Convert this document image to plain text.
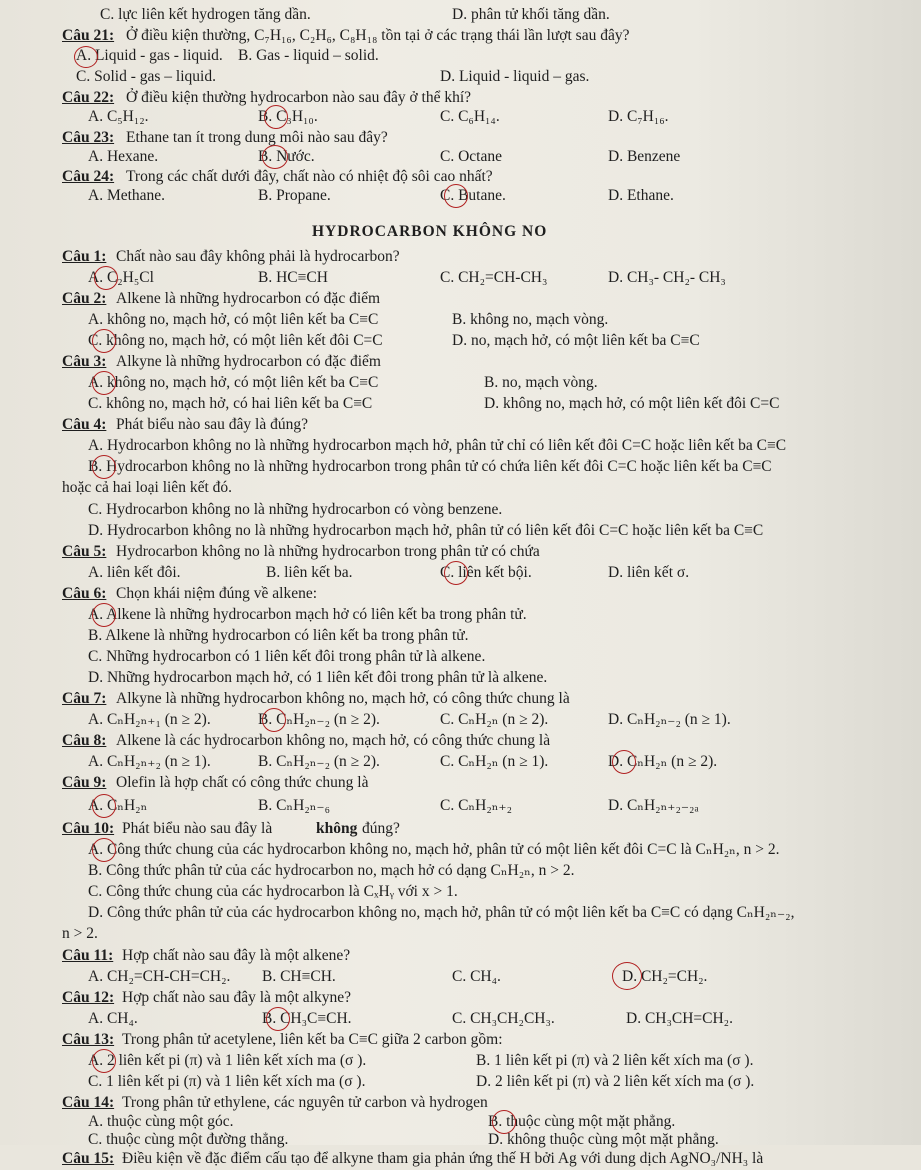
C. lực liên kết hydrogen tăng dần.	D. phân tử khối tăng dần.
Câu 21: Ở điều kiện thường, C₇H₁₆, C₂H₆, C₈H₁₈ tồn tại ở các trạng thái lần lượt sau đây?
A. Liquid - gas - liquid. B. Gas - liquid – solid.
C. Solid - gas – liquid.	D. Liquid - liquid – gas.
Câu 22: Ở điều kiện thường hydrocarbon nào sau đây ở thể khí?
A. C₅H₁₂.	B. C₃H₁₀.	C. C₆H₁₄.	D. C₇H₁₆.
Câu 23: Ethane tan ít trong dung môi nào sau đây?
A. Hexane.	B. Nước.	C. Octane	D. Benzene
Câu 24: Trong các chất dưới đây, chất nào có nhiệt độ sôi cao nhất?
A. Methane.	B. Propane.	C. Butane.	D. Ethane.
HYDROCARBON KHÔNG NO
Câu 1: Chất nào sau đây không phải là hydrocarbon?
A. C₂H₅Cl	B. HC≡CH	C. CH₂=CH-CH₃	D. CH₃- CH₂- CH₃
Câu 2: Alkene là những hydrocarbon có đặc điểm
A. không no, mạch hở, có một liên kết ba C≡C	B. không no, mạch vòng.
C. không no, mạch hở, có một liên kết đôi C=C	D. no, mạch hở, có một liên kết ba C≡C
Câu 3: Alkyne là những hydrocarbon có đặc điểm
A. không no, mạch hở, có một liên kết ba C≡C	B. no, mạch vòng.
C. không no, mạch hở, có hai liên kết ba C≡C	D. không no, mạch hở, có một liên kết đôi C=C
Câu 4: Phát biểu nào sau đây là đúng?
A. Hydrocarbon không no là những hydrocarbon mạch hở, phân tử chỉ có liên kết đôi C=C hoặc liên kết ba C≡C
B. Hydrocarbon không no là những hydrocarbon trong phân tử có chứa liên kết đôi C=C hoặc liên kết ba C≡C
hoặc cả hai loại liên kết đó.
C. Hydrocarbon không no là những hydrocarbon có vòng benzene.
D. Hydrocarbon không no là những hydrocarbon mạch hở, phân tử có liên kết đôi C=C hoặc liên kết ba C≡C
Câu 5: Hydrocarbon không no là những hydrocarbon trong phân tử có chứa
A. liên kết đôi.	B. liên kết ba.	C. liên kết bội.	D. liên kết σ.
Câu 6: Chọn khái niệm đúng về alkene:
A. Alkene là những hydrocarbon mạch hở có liên kết ba trong phân tử.
B. Alkene là những hydrocarbon có liên kết ba trong phân tử.
C. Những hydrocarbon có 1 liên kết đôi trong phân tử là alkene.
D. Những hydrocarbon mạch hở, có 1 liên kết đôi trong phân tử là alkene.
Câu 7: Alkyne là những hydrocarbon không no, mạch hở, có công thức chung là
A. CₙH₂ₙ₊₁ (n ≥ 2).	B. CₙH₂ₙ₋₂ (n ≥ 2).	C. CₙH₂ₙ (n ≥ 2).	D. CₙH₂ₙ₋₂ (n ≥ 1).
Câu 8: Alkene là các hydrocarbon không no, mạch hở, có công thức chung là
A. CₙH₂ₙ₊₂ (n ≥ 1).	B. CₙH₂ₙ₋₂ (n ≥ 2).	C. CₙH₂ₙ (n ≥ 1).	D. CₙH₂ₙ (n ≥ 2).
Câu 9: Olefin là hợp chất có công thức chung là
A. CₙH₂ₙ	B. CₙH₂ₙ₋₆	C. CₙH₂ₙ₊₂	D. CₙH₂ₙ₊₂₋₂ₐ
Câu 10: Phát biểu nào sau đây là	không đúng?
A. Công thức chung của các hydrocarbon không no, mạch hở, phân tử có một liên kết đôi C=C là CₙH₂ₙ, n > 2.
B. Công thức phân tử của các hydrocarbon no, mạch hở có dạng CₙH₂ₙ, n > 2.
C. Công thức chung của các hydrocarbon là CₓHᵧ với x > 1.
D. Công thức phân tử của các hydrocarbon không no, mạch hở, phân tử có một liên kết ba C≡C có dạng CₙH₂ₙ₋₂,
n > 2.
Câu 11: Hợp chất nào sau đây là một alkene?
A. CH₂=CH-CH=CH₂. B. CH≡CH.	C. CH₄.	D. CH₂=CH₂.
Câu 12: Hợp chất nào sau đây là một alkyne?
A. CH₄.	B. CH₃C≡CH.	C. CH₃CH₂CH₃.	D. CH₃CH=CH₂.
Câu 13: Trong phân tử acetylene, liên kết ba C≡C giữa 2 carbon gồm:
A. 2 liên kết pi (π) và 1 liên kết xích ma (σ ).	B. 1 liên kết pi (π) và 2 liên kết xích ma (σ ).
C. 1 liên kết pi (π) và 1 liên kết xích ma (σ ).	D. 2 liên kết pi (π) và 2 liên kết xích ma (σ ).
Câu 14: Trong phân tử ethylene, các nguyên tử carbon và hydrogen
A. thuộc cùng một góc.	B. thuộc cùng một mặt phẳng.
C. thuộc cùng một đường thẳng.	D. không thuộc cùng một mặt phẳng.
Câu 15: Điều kiện về đặc điểm cấu tạo để alkyne tham gia phản ứng thế H bởi Ag với dung dịch AgNO₃/NH₃ là
